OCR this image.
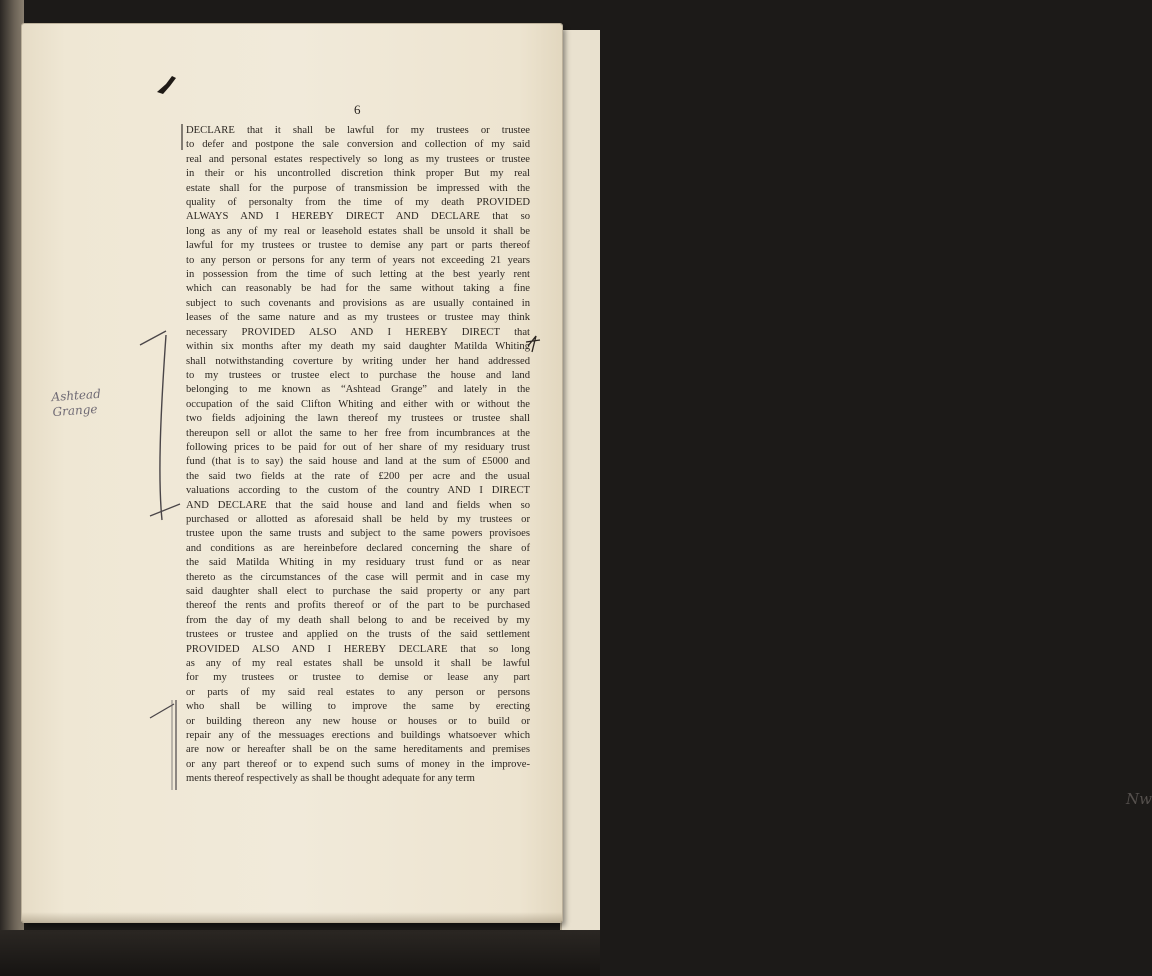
Nw
Ashtead
Grange
6
DECLARE that it shall be lawful for my trustees or trustee
to defer and postpone the sale conversion and collection of my said
real and personal estates respectively so long as my trustees or trustee
in their or his uncontrolled discretion think proper But my real
estate shall for the purpose of transmission be impressed with the
quality of personalty from the time of my death PROVIDED
ALWAYS AND I HEREBY DIRECT AND DECLARE that so
long as any of my real or leasehold estates shall be unsold it shall be
lawful for my trustees or trustee to demise any part or parts thereof
to any person or persons for any term of years not exceeding 21 years
in possession from the time of such letting at the best yearly rent
which can reasonably be had for the same without taking a fine
subject to such covenants and provisions as are usually contained in
leases of the same nature and as my trustees or trustee may think
necessary PROVIDED ALSO AND I HEREBY DIRECT that
within six months after my death my said daughter Matilda Whiting
shall notwithstanding coverture by writing under her hand addressed
to my trustees or trustee elect to purchase the house and land
belonging to me known as “Ashtead Grange” and lately in the
occupation of the said Clifton Whiting and either with or without the
two fields adjoining the lawn thereof my trustees or trustee shall
thereupon sell or allot the same to her free from incumbrances at the
following prices to be paid for out of her share of my residuary trust
fund (that is to say) the said house and land at the sum of £5000 and
the said two fields at the rate of £200 per acre and the usual
valuations according to the custom of the country AND I DIRECT
AND DECLARE that the said house and land and fields when so
purchased or allotted as aforesaid shall be held by my trustees or
trustee upon the same trusts and subject to the same powers provisoes
and conditions as are hereinbefore declared concerning the share of
the said Matilda Whiting in my residuary trust fund or as near
thereto as the circumstances of the case will permit and in case my
said daughter shall elect to purchase the said property or any part
thereof the rents and profits thereof or of the part to be purchased
from the day of my death shall belong to and be received by my
trustees or trustee and applied on the trusts of the said settlement
PROVIDED ALSO AND I HEREBY DECLARE that so long
as any of my real estates shall be unsold it shall be lawful
for my trustees or trustee to demise or lease any part
or parts of my said real estates to any person or persons
who shall be willing to improve the same by erecting
or building thereon any new house or houses or to build or
repair any of the messuages erections and buildings whatsoever which
are now or hereafter shall be on the same hereditaments and premises
or any part thereof or to expend such sums of money in the improve-
ments thereof respectively as shall be thought adequate for any term
